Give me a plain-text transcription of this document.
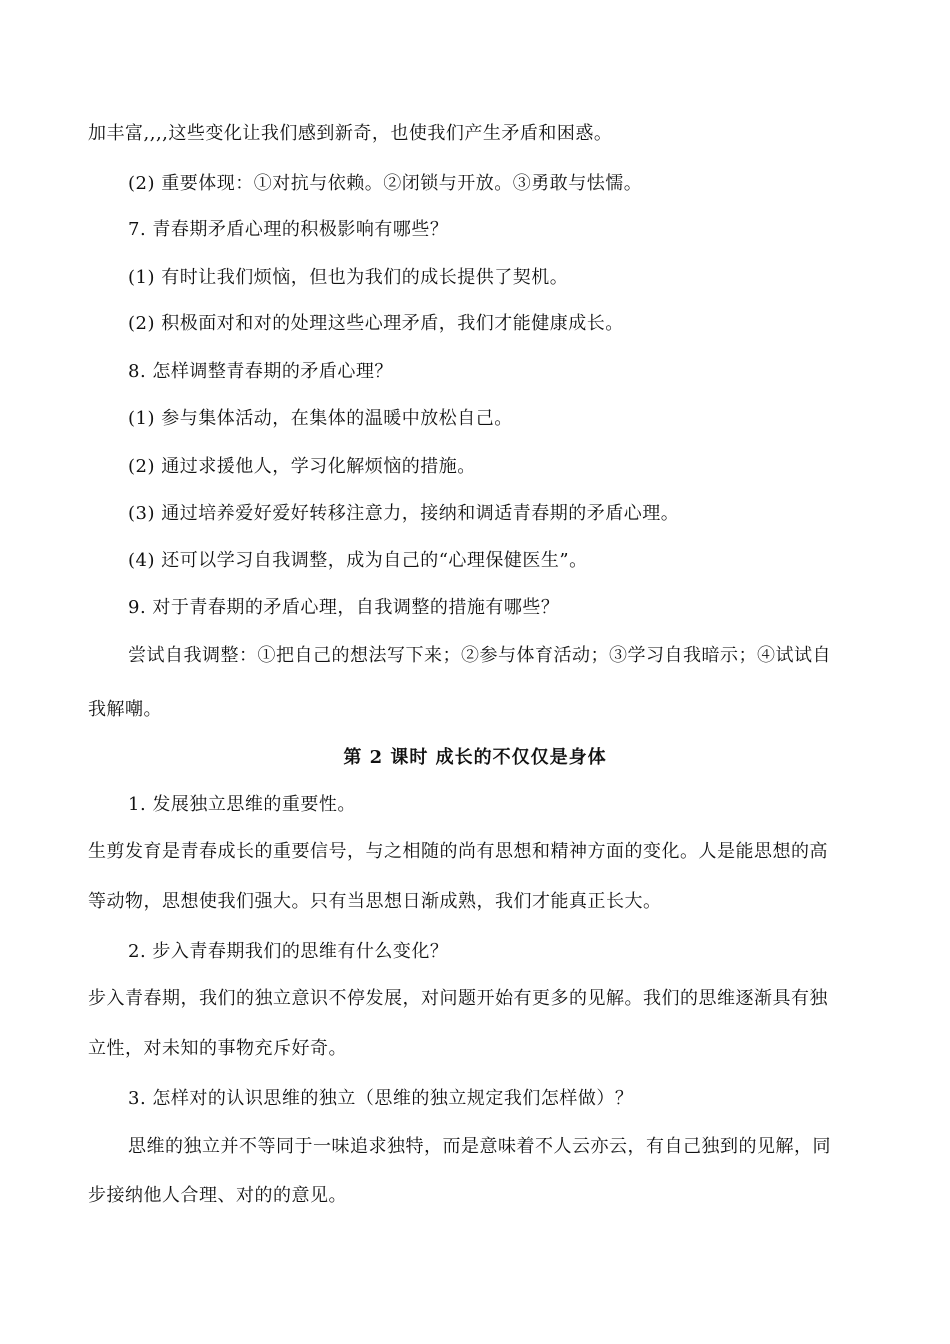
加丰富,,,,这些变化让我们感到新奇，也使我们产生矛盾和困惑。
(2) 重要体现：①对抗与依赖。②闭锁与开放。③勇敢与怯懦。
7. 青春期矛盾心理的积极影响有哪些？
(1) 有时让我们烦恼，但也为我们的成长提供了契机。
(2) 积极面对和对的处理这些心理矛盾，我们才能健康成长。
8. 怎样调整青春期的矛盾心理？
(1) 参与集体活动，在集体的温暖中放松自己。
(2) 通过求援他人，学习化解烦恼的措施。
(3) 通过培养爱好爱好转移注意力，接纳和调适青春期的矛盾心理。
(4) 还可以学习自我调整，成为自己的“心理保健医生”。
9. 对于青春期的矛盾心理，自我调整的措施有哪些？
尝试自我调整：①把自己的想法写下来；②参与体育活动；③学习自我暗示；④试试自
我解嘲。
第 2 课时 成长的不仅仅是身体
1. 发展独立思维的重要性。
生剪发育是青春成长的重要信号，与之相随的尚有思想和精神方面的变化。人是能思想的高
等动物，思想使我们强大。只有当思想日渐成熟，我们才能真正长大。
2. 步入青春期我们的思维有什么变化？
步入青春期，我们的独立意识不停发展，对问题开始有更多的见解。我们的思维逐渐具有独
立性，对未知的事物充斥好奇。
3. 怎样对的认识思维的独立（思维的独立规定我们怎样做）？
思维的独立并不等同于一味追求独特，而是意味着不人云亦云，有自己独到的见解，同
步接纳他人合理、对的的意见。
